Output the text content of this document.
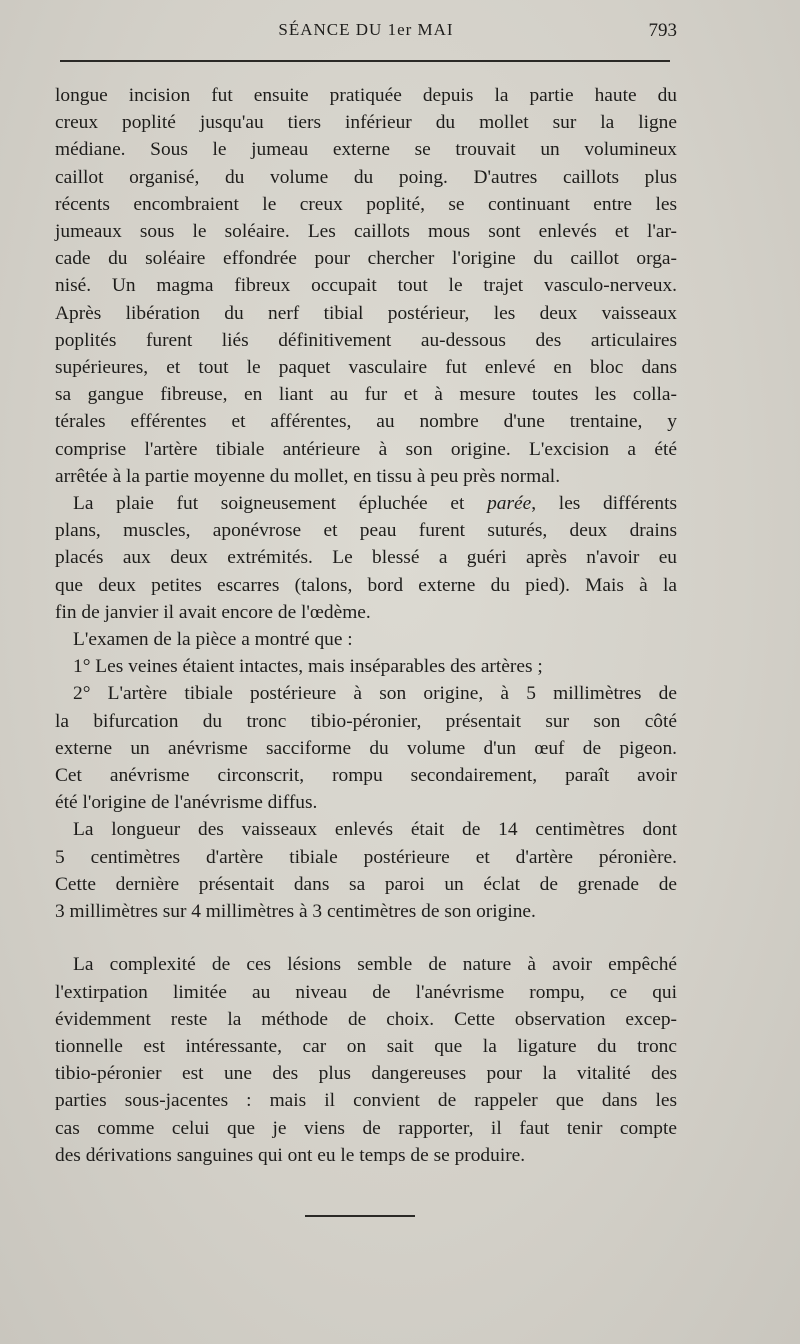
SÉANCE DU 1er MAI	793
longue incision fut ensuite pratiquée depuis la partie haute du
creux poplité jusqu'au tiers inférieur du mollet sur la ligne
médiane. Sous le jumeau externe se trouvait un volumineux
caillot organisé, du volume du poing. D'autres caillots plus
récents encombraient le creux poplité, se continuant entre les
jumeaux sous le soléaire. Les caillots mous sont enlevés et l'ar-
cade du soléaire effondrée pour chercher l'origine du caillot orga-
nisé. Un magma fibreux occupait tout le trajet vasculo-nerveux.
Après libération du nerf tibial postérieur, les deux vaisseaux
poplités furent liés définitivement au-dessous des articulaires
supérieures, et tout le paquet vasculaire fut enlevé en bloc dans
sa gangue fibreuse, en liant au fur et à mesure toutes les colla-
térales efférentes et afférentes, au nombre d'une trentaine, y
comprise l'artère tibiale antérieure à son origine. L'excision a été
arrêtée à la partie moyenne du mollet, en tissu à peu près normal.
La plaie fut soigneusement épluchée et parée, les différents
plans, muscles, aponévrose et peau furent suturés, deux drains
placés aux deux extrémités. Le blessé a guéri après n'avoir eu
que deux petites escarres (talons, bord externe du pied). Mais à la
fin de janvier il avait encore de l'œdème.
L'examen de la pièce a montré que :
1° Les veines étaient intactes, mais inséparables des artères ;
2° L'artère tibiale postérieure à son origine, à 5 millimètres de
la bifurcation du tronc tibio-péronier, présentait sur son côté
externe un anévrisme sacciforme du volume d'un œuf de pigeon.
Cet anévrisme circonscrit, rompu secondairement, paraît avoir
été l'origine de l'anévrisme diffus.
La longueur des vaisseaux enlevés était de 14 centimètres dont
5 centimètres d'artère tibiale postérieure et d'artère péronière.
Cette dernière présentait dans sa paroi un éclat de grenade de
3 millimètres sur 4 millimètres à 3 centimètres de son origine.
La complexité de ces lésions semble de nature à avoir empêché
l'extirpation limitée au niveau de l'anévrisme rompu, ce qui
évidemment reste la méthode de choix. Cette observation excep-
tionnelle est intéressante, car on sait que la ligature du tronc
tibio-péronier est une des plus dangereuses pour la vitalité des
parties sous-jacentes : mais il convient de rappeler que dans les
cas comme celui que je viens de rapporter, il faut tenir compte
des dérivations sanguines qui ont eu le temps de se produire.
